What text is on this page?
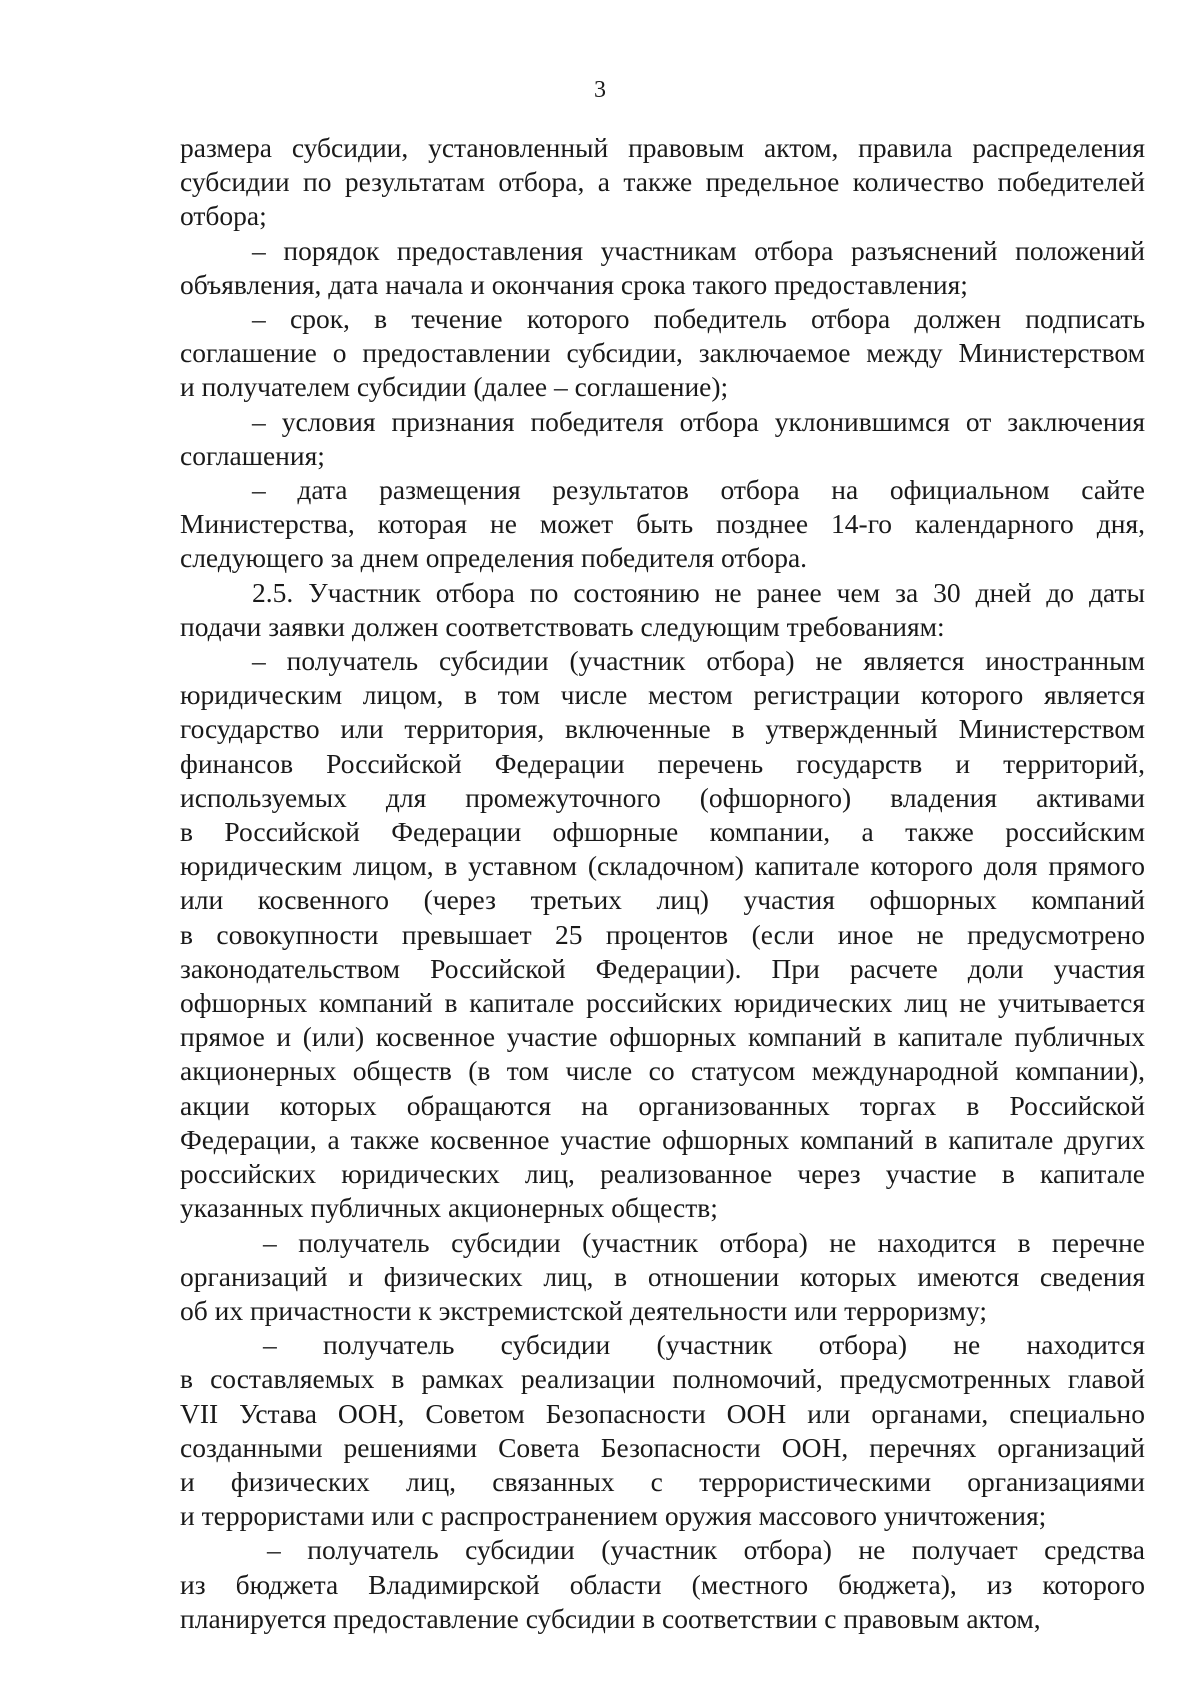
3

размера субсидии, установленный правовым актом, правила распределения
субсидии по результатам отбора, а также предельное количество победителей
отбора;

– порядок предоставления участникам отбора разъяснений положений
объявления, дата начала и окончания срока такого предоставления;

– срок, в течение которого победитель отбора должен подписать
соглашение о предоставлении субсидии, заключаемое между Министерством
и получателем субсидии (далее – соглашение);

– условия признания победителя отбора уклонившимся от заключения
соглашения;

– дата размещения результатов отбора на официальном сайте
Министерства, которая не может быть позднее 14-го календарного дня,
следующего за днем определения победителя отбора.

2.5. Участник отбора по состоянию не ранее чем за 30 дней до даты
подачи заявки должен соответствовать следующим требованиям:

– получатель субсидии (участник отбора) не является иностранным
юридическим лицом, в том числе местом регистрации которого является
государство или территория, включенные в утвержденный Министерством
финансов Российской Федерации перечень государств и территорий,
используемых для промежуточного (офшорного) владения активами
в Российской Федерации офшорные компании, а также российским
юридическим лицом, в уставном (складочном) капитале которого доля прямого
или косвенного (через третьих лиц) участия офшорных компаний
в совокупности превышает 25 процентов (если иное не предусмотрено
законодательством Российской Федерации). При расчете доли участия
офшорных компаний в капитале российских юридических лиц не учитывается
прямое и (или) косвенное участие офшорных компаний в капитале публичных
акционерных обществ (в том числе со статусом международной компании),
акции которых обращаются на организованных торгах в Российской
Федерации, а также косвенное участие офшорных компаний в капитале других
российских юридических лиц, реализованное через участие в капитале
указанных публичных акционерных обществ;

– получатель субсидии (участник отбора) не находится в перечне
организаций и физических лиц, в отношении которых имеются сведения
об их причастности к экстремистской деятельности или терроризму;

– получатель субсидии (участник отбора) не находится
в составляемых в рамках реализации полномочий, предусмотренных главой
VII Устава ООН, Советом Безопасности ООН или органами, специально
созданными решениями Совета Безопасности ООН, перечнях организаций
и физических лиц, связанных с террористическими организациями
и террористами или с распространением оружия массового уничтожения;

– получатель субсидии (участник отбора) не получает средства
из бюджета Владимирской области (местного бюджета), из которого
планируется предоставление субсидии в соответствии с правовым актом,
